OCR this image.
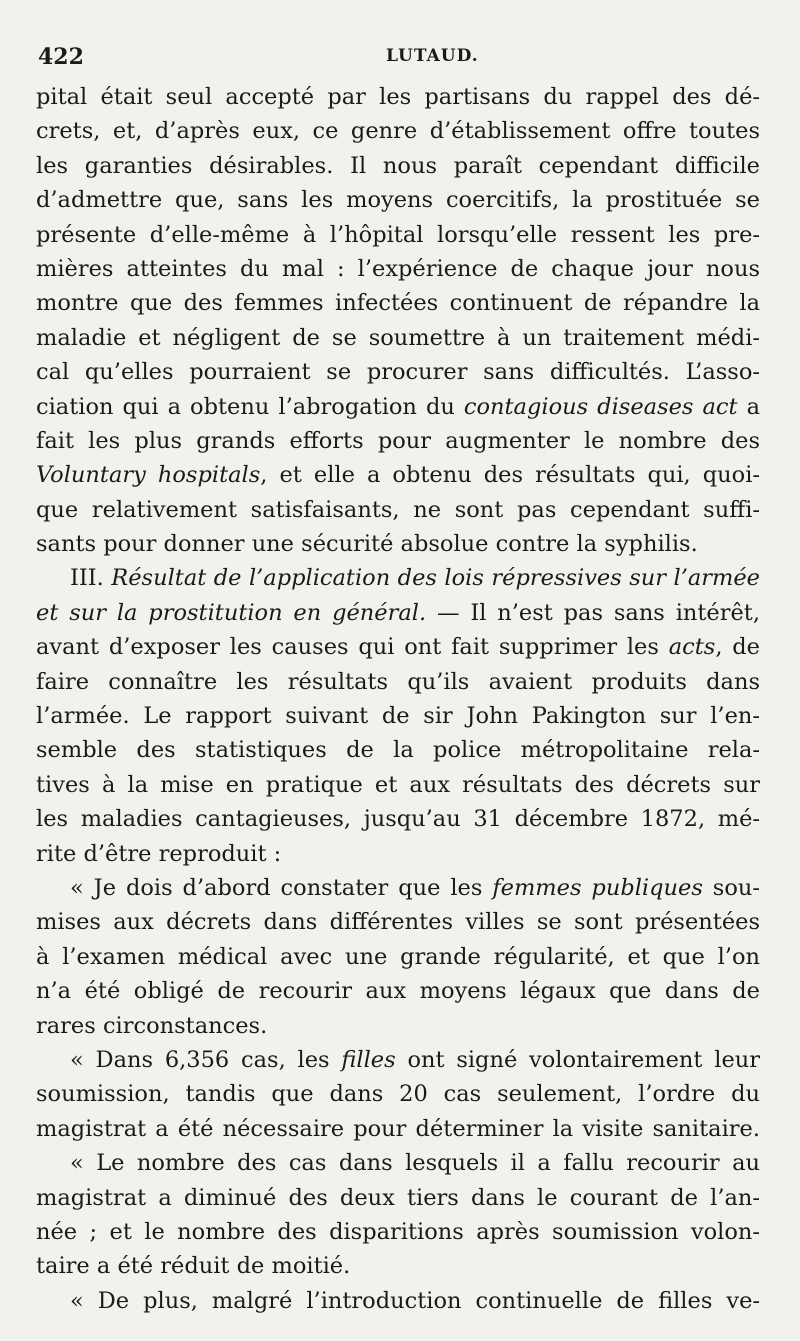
422	LUTAUD.
pital était seul accepté par les partisans du rappel des dé-
crets, et, d’après eux, ce genre d’établissement offre toutes
les garanties désirables. Il nous paraît cependant difficile
d’admettre que, sans les moyens coercitifs, la prostituée se
présente d’elle-même à l’hôpital lorsqu’elle ressent les pre-
mières atteintes du mal : l’expérience de chaque jour nous
montre que des femmes infectées continuent de répandre la
maladie et négligent de se soumettre à un traitement médi-
cal qu’elles pourraient se procurer sans difficultés. L’asso-
ciation qui a obtenu l’abrogation du contagious diseases act a
fait les plus grands efforts pour augmenter le nombre des
Voluntary hospitals, et elle a obtenu des résultats qui, quoi-
que relativement satisfaisants, ne sont pas cependant suffi-
sants pour donner une sécurité absolue contre la syphilis.
III. Résultat de l’application des lois répressives sur l’armée
et sur la prostitution en général. — Il n’est pas sans intérêt,
avant d’exposer les causes qui ont fait supprimer les acts, de
faire connaître les résultats qu’ils avaient produits dans
l’armée. Le rapport suivant de sir John Pakington sur l’en-
semble des statistiques de la police métropolitaine rela-
tives à la mise en pratique et aux résultats des décrets sur
les maladies cantagieuses, jusqu’au 31 décembre 1872, mé-
rite d’être reproduit :
« Je dois d’abord constater que les femmes publiques sou-
mises aux décrets dans différentes villes se sont présentées
à l’examen médical avec une grande régularité, et que l’on
n’a été obligé de recourir aux moyens légaux que dans de
rares circonstances.
« Dans 6,356 cas, les filles ont signé volontairement leur
soumission, tandis que dans 20 cas seulement, l’ordre du
magistrat a été nécessaire pour déterminer la visite sanitaire.
« Le nombre des cas dans lesquels il a fallu recourir au
magistrat a diminué des deux tiers dans le courant de l’an-
née ; et le nombre des disparitions après soumission volon-
taire a été réduit de moitié.
« De plus, malgré l’introduction continuelle de filles ve-
